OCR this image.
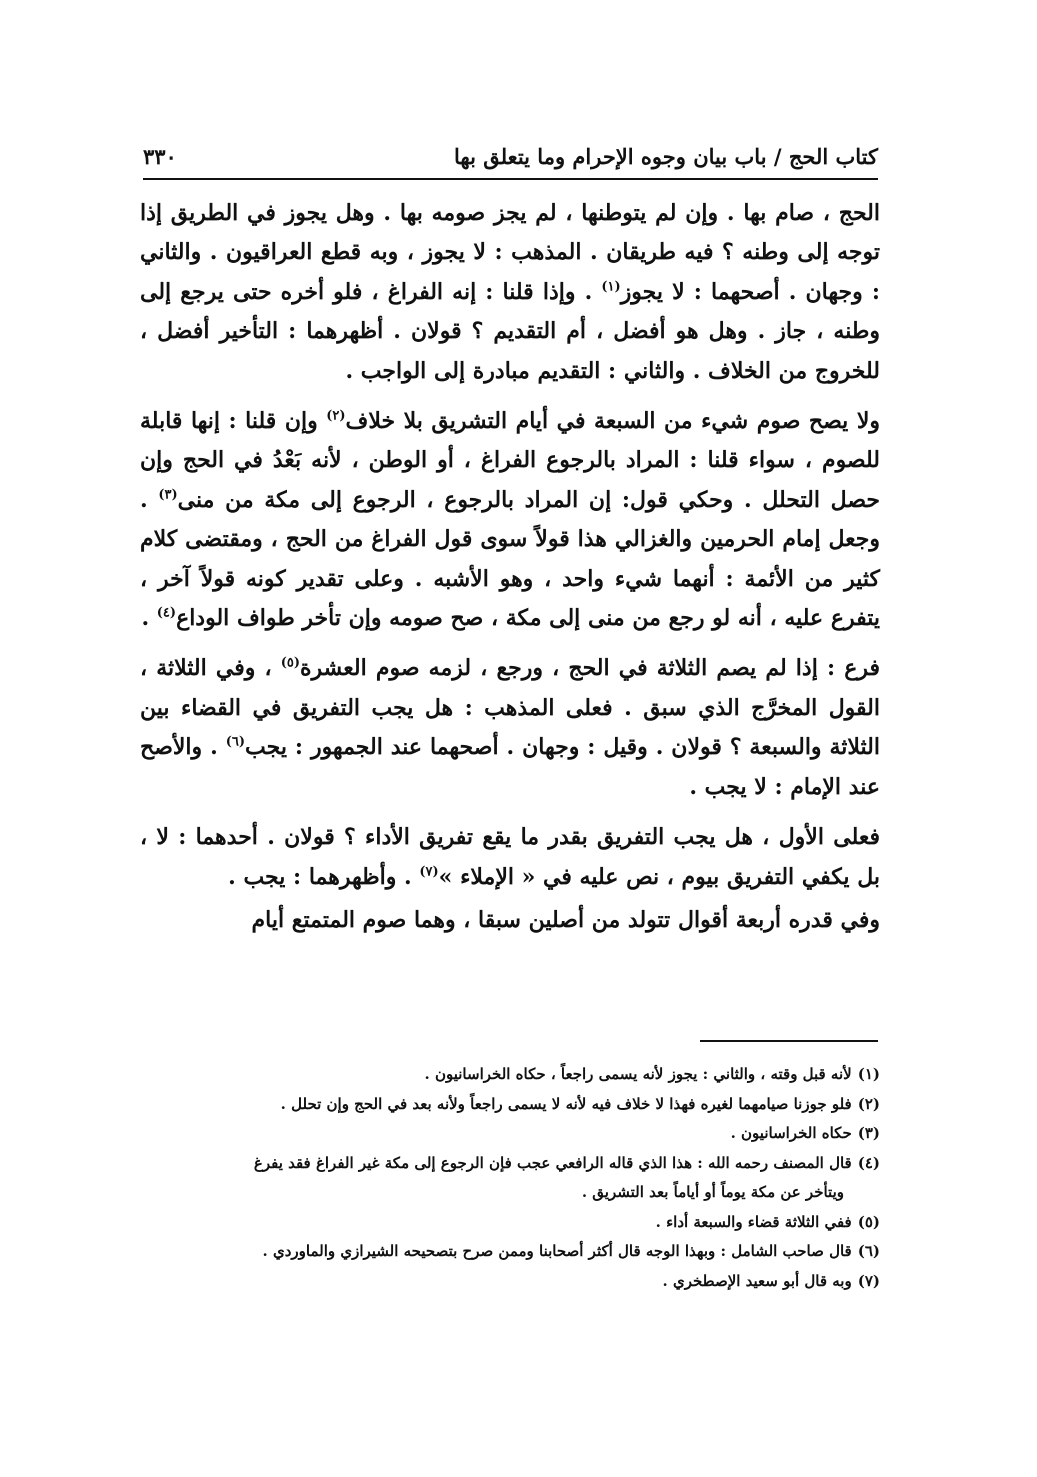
كتاب الحج / باب بيان وجوه الإحرام وما يتعلق بها
٣٣٠

الحج ، صام بها . وإن لم يتوطنها ، لم يجز صومه بها . وهل يجوز في الطريق إذا توجه إلى وطنه ؟ فيه طريقان . المذهب : لا يجوز ، وبه قطع العراقيون . والثاني : وجهان . أصحهما : لا يجوز$^{(١)}$ . وإذا قلنا : إنه الفراغ ، فلو أخره حتى يرجع إلى وطنه ، جاز . وهل هو أفضل ، أم التقديم ؟ قولان . أظهرهما : التأخير أفضل ، للخروج من الخلاف . والثاني : التقديم مبادرة إلى الواجب .

ولا يصح صوم شيء من السبعة في أيام التشريق بلا خلاف$^{(٢)}$ وإن قلنا : إنها قابلة للصوم ، سواء قلنا : المراد بالرجوع الفراغ ، أو الوطن ، لأنه بَعْدُ في الحج وإن حصل التحلل . وحكي قول: إن المراد بالرجوع ، الرجوع إلى مكة من منى$^{(٣)}$ . وجعل إمام الحرمين والغزالي هذا قولاً سوى قول الفراغ من الحج ، ومقتضى كلام كثير من الأئمة : أنهما شيء واحد ، وهو الأشبه . وعلى تقدير كونه قولاً آخر ، يتفرع عليه ، أنه لو رجع من منى إلى مكة ، صح صومه وإن تأخر طواف الوداع$^{(٤)}$ .

فرع : إذا لم يصم الثلاثة في الحج ، ورجع ، لزمه صوم العشرة$^{(٥)}$ ، وفي الثلاثة ، القول المخرَّج الذي سبق . فعلى المذهب : هل يجب التفريق في القضاء بين الثلاثة والسبعة ؟ قولان . وقيل : وجهان . أصحهما عند الجمهور : يجب$^{(٦)}$ . والأصح عند الإمام : لا يجب .

فعلى الأول ، هل يجب التفريق بقدر ما يقع تفريق الأداء ؟ قولان . أحدهما : لا ، بل يكفي التفريق بيوم ، نص عليه في « الإملاء »$^{(٧)}$ . وأظهرهما : يجب .

وفي قدره أربعة أقوال تتولد من أصلين سبقا ، وهما صوم المتمتع أيام

(١)لأنه قبل وقته ، والثاني : يجوز لأنه يسمى راجعاً ، حكاه الخراسانيون .

(٢)فلو جوزنا صيامهما لغيره فهذا لا خلاف فيه لأنه لا يسمى راجعاً ولأنه بعد في الحج وإن تحلل .

(٣)حكاه الخراسانيون .

(٤)قال المصنف رحمه الله : هذا الذي قاله الرافعي عجب فإن الرجوع إلى مكة غير الفراغ فقد يفرغ
ويتأخر عن مكة يوماً أو أياماً بعد التشريق .

(٥)ففي الثلاثة قضاء والسبعة أداء .

(٦)قال صاحب الشامل : وبهذا الوجه قال أكثر أصحابنا وممن صرح بتصحيحه الشيرازي والماوردي .

(٧)وبه قال أبو سعيد الإصطخري .
